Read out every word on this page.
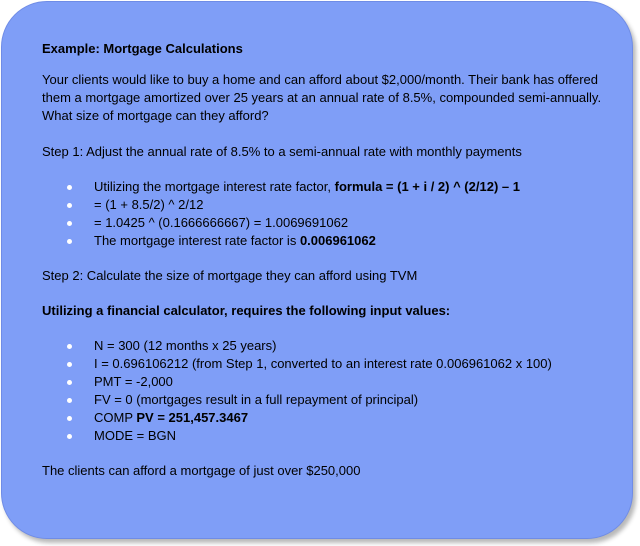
Example: Mortgage Calculations

Your clients would like to buy a home and can afford about $2,000/month. Their bank has offered them a mortgage amortized over 25 years at an annual rate of 8.5%, compounded semi-annually. What size of mortgage can they afford?

Step 1: Adjust the annual rate of 8.5% to a semi-annual rate with monthly payments

Utilizing the mortgage interest rate factor, formula = (1 + i / 2) ^ (2/12) – 1
= (1 + 8.5/2) ^ 2/12
= 1.0425 ^ (0.1666666667) = 1.0069691062
The mortgage interest rate factor is 0.006961062

Step 2: Calculate the size of mortgage they can afford using TVM

Utilizing a financial calculator, requires the following input values:

N = 300 (12 months x 25 years)
I = 0.696106212 (from Step 1, converted to an interest rate 0.006961062 x 100)
PMT = -2,000
FV = 0 (mortgages result in a full repayment of principal)
COMP PV = 251,457.3467
MODE = BGN

The clients can afford a mortgage of just over $250,000
